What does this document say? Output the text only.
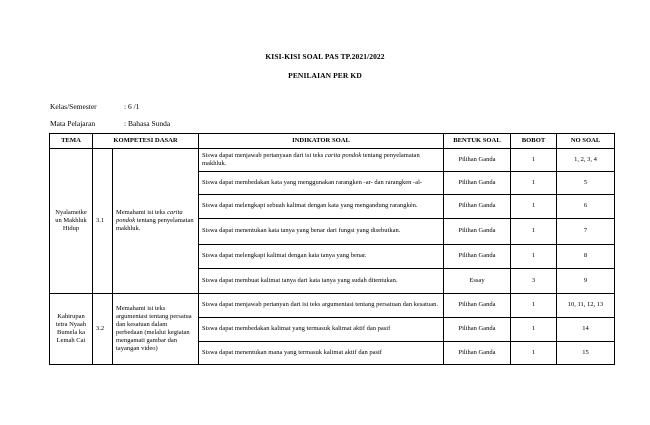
KISI-KISI SOAL PAS TP.2021/2022
PENILAIAN PER KD
Kelas/Semester	: 6 /1
Mata Pelajaran	: Bahasa Sunda
TEMA	KOMPETESI DASAR		INDIKATOR SOAL	BENTUK SOAL	BOBOT	NO SOAL
Nyalametke un Makhluk Hidup	3.1	Memahami isi teks carita pondok tentang penyelamatan makhluk.	Siswa dapat menjawab pertanyaan dari isi teks carita pondok tentang penyelamatan makhluk.	Pilihan Ganda	1	1, 2, 3, 4
			Siswa dapat membedakan kata yang menggunakan rarangken -ar- dan rarangken -al-	Pilihan Ganda	1	5
			Siswa dapat melengkapi sebuah kalimat dengan kata yang mengandung rarangkèn.	Pilihan Ganda	1	6
			Siswa dapat menentukan kata tanya yang benar dari fungsi yang disebutkan.	Pilihan Ganda	1	7
			Siswa dapat melengkapi kalimat dengan kata tanya yang benar.	Pilihan Ganda	1	8
			Siswa dapat membuat kalimat tanya dari kata tanya yang sudah ditentukan.	Essay	3	9
Kahirupan tetra Nyaah Bumela ka Lemah Cai	3.2	Memahami isi teks argumentasi tentang persatua dan kesatuan dalam perbedaan (melalui kegiatan mengamati gambar dan tayangan video)	Siswa dapat menjawab pertanyan dari isi teks argumentasi tentang persatuan dan kesatuan.	Pilihan Ganda	1	10, 11, 12, 13
			Siswa dapat membedakan kalimat yang termasuk kalimat aktif dan pasif	Pilihan Ganda	1	14
			Siswa dapat menentukan mana yang termasuk kalimat aktif dan pasif	Pilihan Ganda	1	15
